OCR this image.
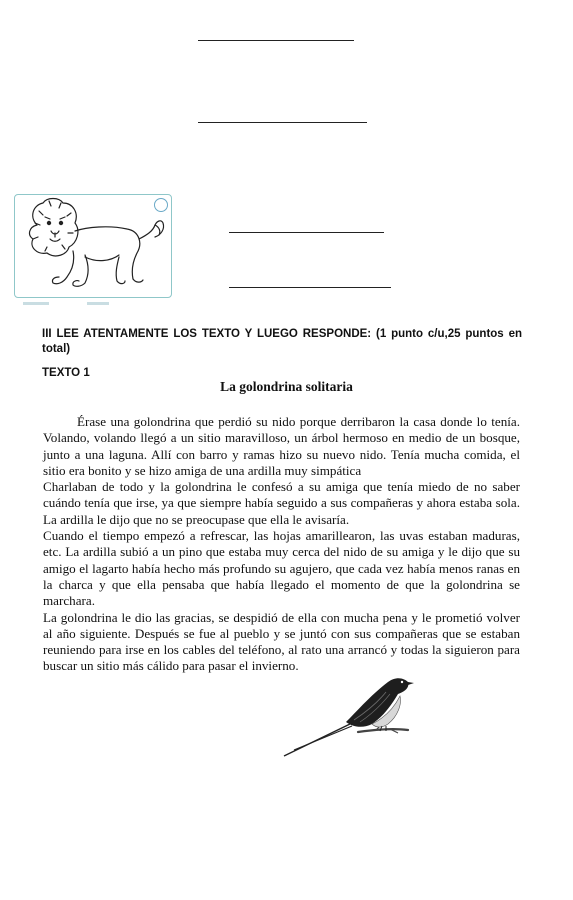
III LEE ATENTAMENTE LOS TEXTO Y LUEGO RESPONDE: (1 punto c/u,25 puntos en total)
TEXTO 1
La golondrina solitaria

Érase una golondrina que perdió su nido porque derribaron la casa donde lo tenía. Volando, volando llegó a un sitio maravilloso, un árbol hermoso en medio de un bosque, junto a una laguna. Allí con barro y ramas hizo su nuevo nido. Tenía mucha comida, el sitio era bonito y se hizo amiga de una ardilla muy simpática

Charlaban de todo y la golondrina le confesó a su amiga que tenía miedo de no saber cuándo tenía que irse, ya que siempre había seguido a sus compañeras y ahora estaba sola. La ardilla le dijo que no se preocupase que ella le avisaría.

Cuando el tiempo empezó a refrescar, las hojas amarillearon, las uvas estaban maduras, etc. La ardilla subió a un pino que estaba muy cerca del nido de su amiga y le dijo que su amigo el lagarto había hecho más profundo su agujero, que cada vez había menos ranas en la charca y que ella pensaba que había llegado el momento de que la golondrina se marchara.

La golondrina le dio las gracias, se despidió de ella con mucha pena y le prometió volver al año siguiente. Después se fue al pueblo y se juntó con sus compañeras que se estaban reuniendo para irse en los cables del teléfono, al rato una arrancó y todas la siguieron para buscar un sitio más cálido para pasar el invierno.
